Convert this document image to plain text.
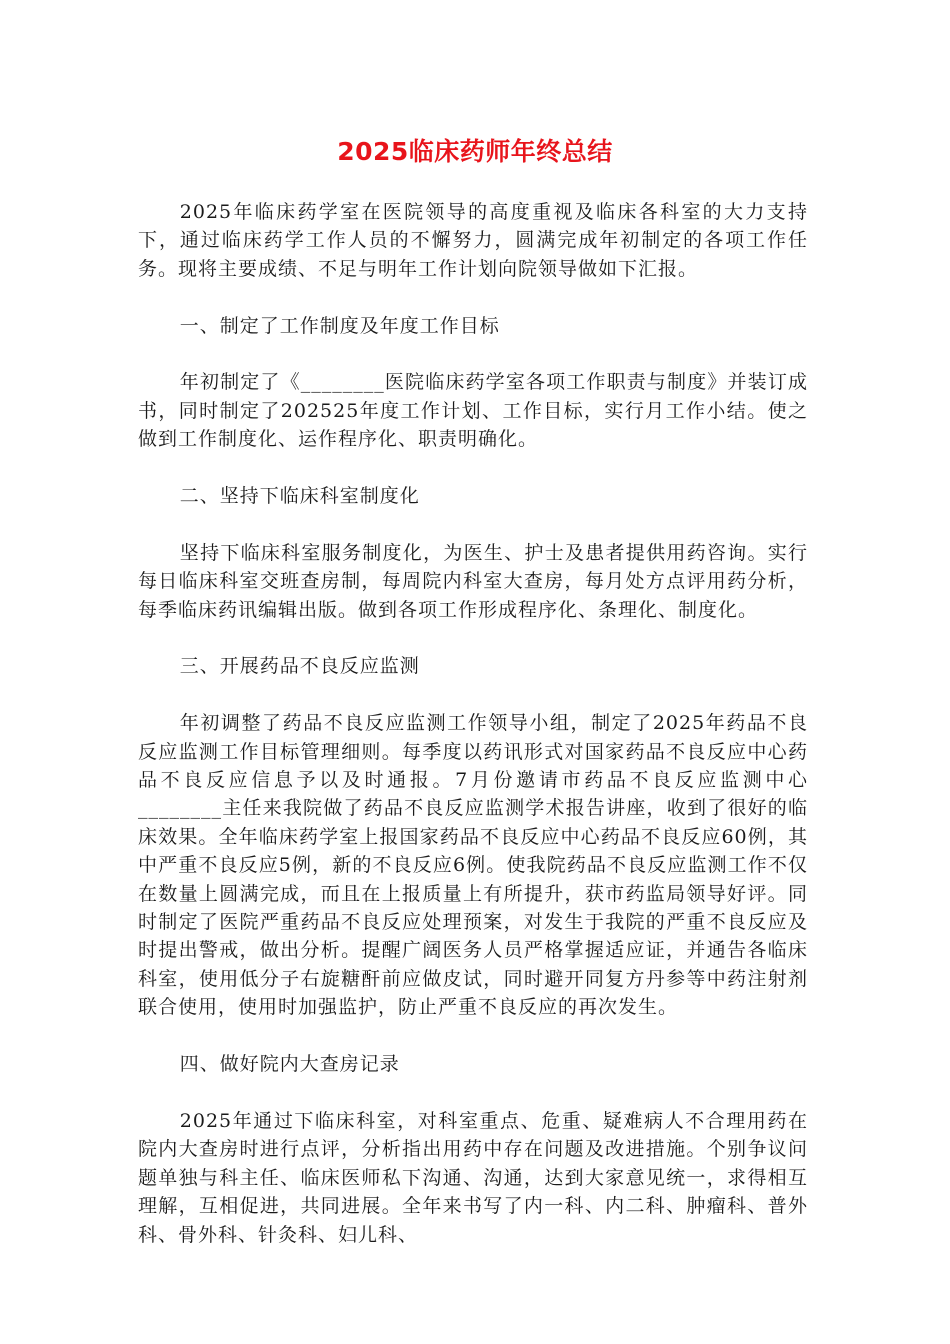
2025临床药师年终总结

2025年临床药学室在医院领导的高度重视及临床各科室的大力支持下，通过临床药学工作人员的不懈努力，圆满完成年初制定的各项工作任务。现将主要成绩、不足与明年工作计划向院领导做如下汇报。

一、制定了工作制度及年度工作目标

年初制定了《________医院临床药学室各项工作职责与制度》并装订成书，同时制定了202525年度工作计划、工作目标，实行月工作小结。使之做到工作制度化、运作程序化、职责明确化。

二、坚持下临床科室制度化

坚持下临床科室服务制度化，为医生、护士及患者提供用药咨询。实行每日临床科室交班查房制，每周院内科室大查房，每月处方点评用药分析，每季临床药讯编辑出版。做到各项工作形成程序化、条理化、制度化。

三、开展药品不良反应监测

年初调整了药品不良反应监测工作领导小组，制定了2025年药品不良反应监测工作目标管理细则。每季度以药讯形式对国家药品不良反应中心药品不良反应信息予以及时通报。7月份邀请市药品不良反应监测中心________主任来我院做了药品不良反应监测学术报告讲座，收到了很好的临床效果。全年临床药学室上报国家药品不良反应中心药品不良反应60例，其中严重不良反应5例，新的不良反应6例。使我院药品不良反应监测工作不仅在数量上圆满完成，而且在上报质量上有所提升，获市药监局领导好评。同时制定了医院严重药品不良反应处理预案，对发生于我院的严重不良反应及时提出警戒，做出分析。提醒广阔医务人员严格掌握适应证，并通告各临床科室，使用低分子右旋糖酐前应做皮试，同时避开同复方丹参等中药注射剂联合使用，使用时加强监护，防止严重不良反应的再次发生。

四、做好院内大查房记录

2025年通过下临床科室，对科室重点、危重、疑难病人不合理用药在院内大查房时进行点评，分析指出用药中存在问题及改进措施。个别争议问题单独与科主任、临床医师私下沟通、沟通，达到大家意见统一，求得相互理解，互相促进，共同进展。全年来书写了内一科、内二科、肿瘤科、普外科、骨外科、针灸科、妇儿科、
